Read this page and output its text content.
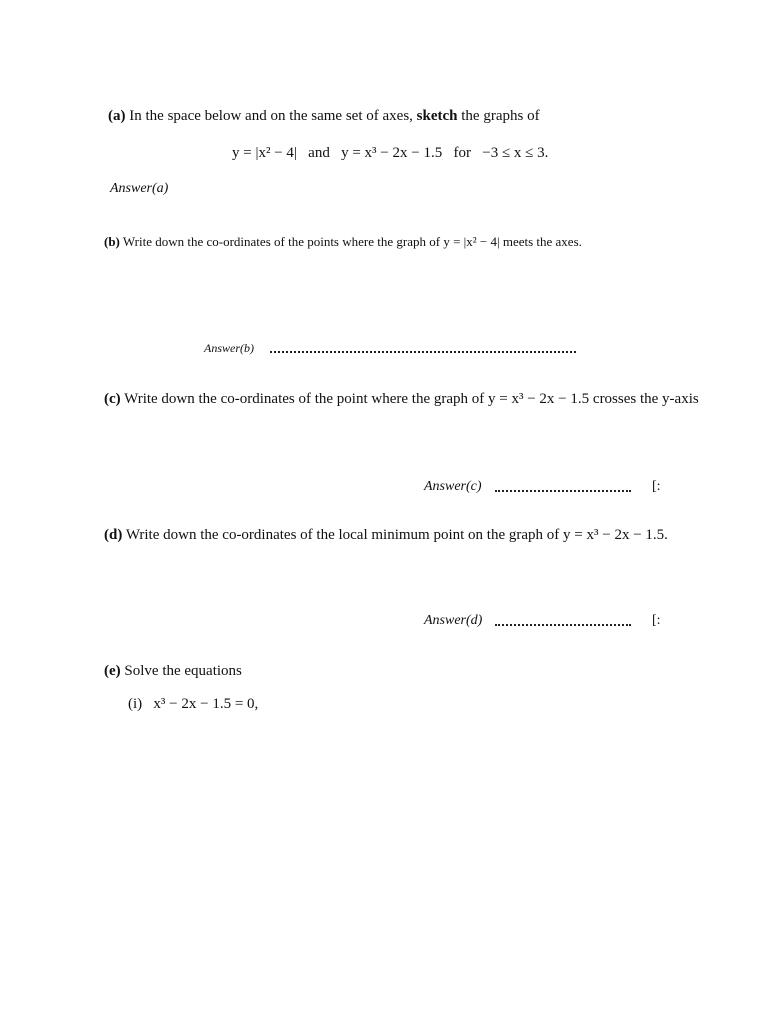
(a) In the space below and on the same set of axes, sketch the graphs of
y = |x² − 4| and y = x³ − 2x − 1.5 for −3 ≤ x ≤ 3.
Answer(a)
(b) Write down the co-ordinates of the points where the graph of y = |x² − 4| meets the axes.
Answer(b)
(c) Write down the co-ordinates of the point where the graph of y = x³ − 2x − 1.5 crosses the y-axis
Answer(c)	[:
(d) Write down the co-ordinates of the local minimum point on the graph of y = x³ − 2x − 1.5.
Answer(d)	[:
(e) Solve the equations
(i) x³ − 2x − 1.5 = 0,
